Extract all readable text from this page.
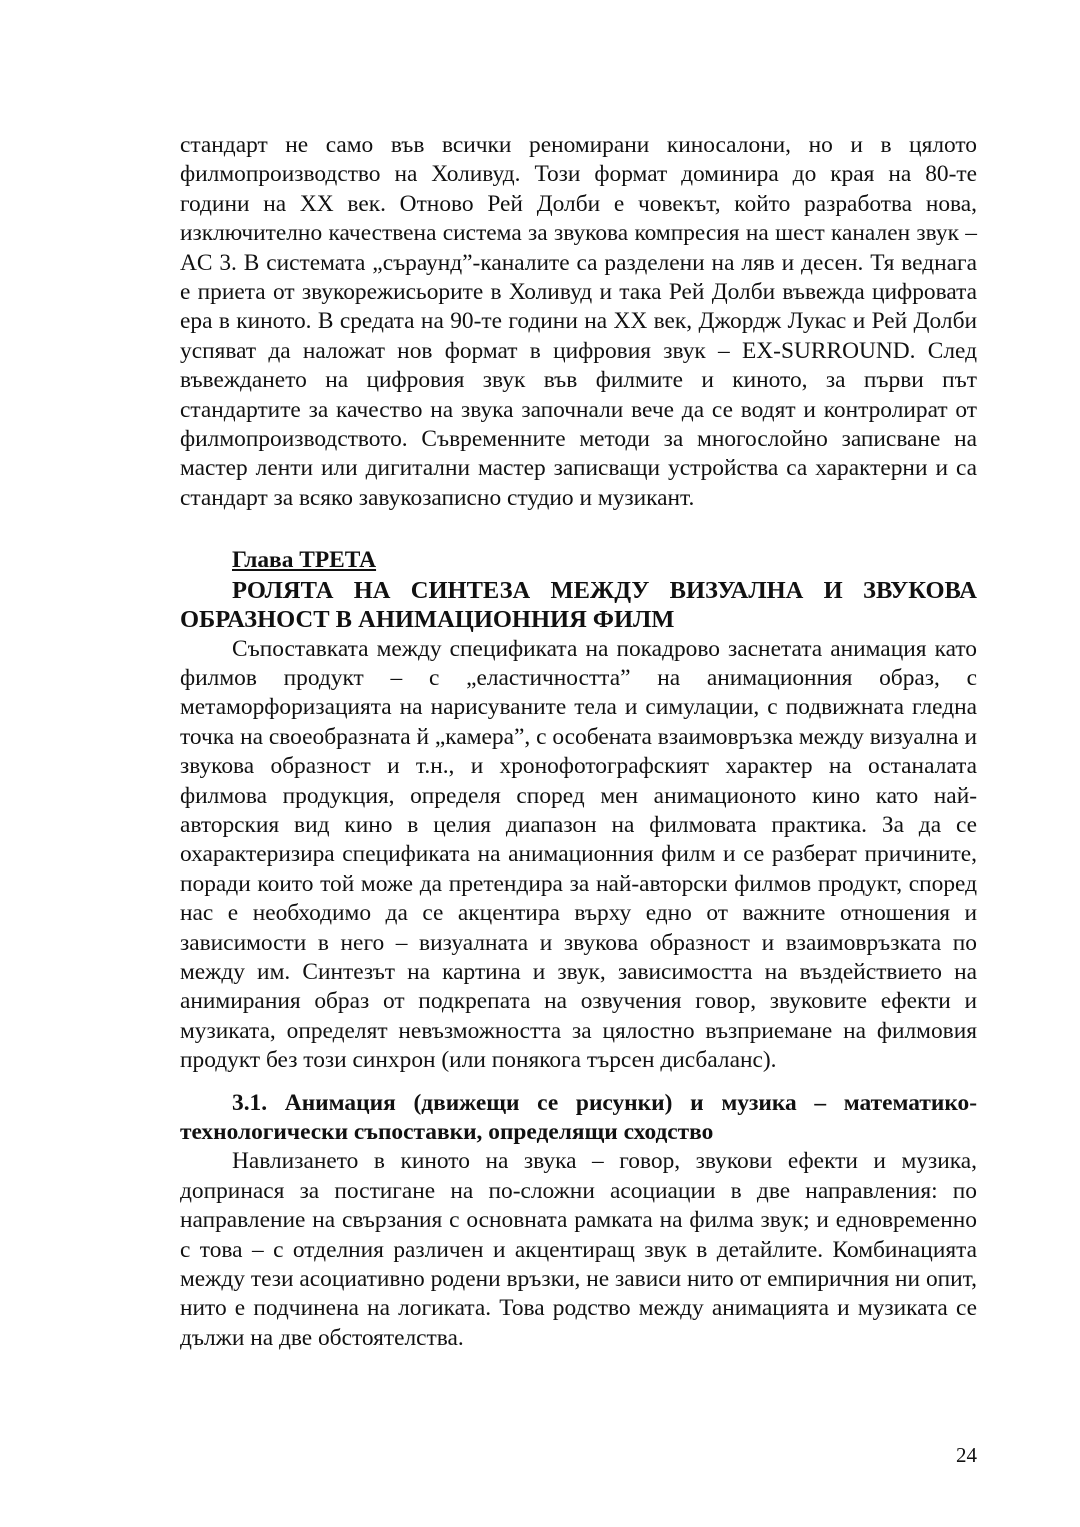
стандарт не само във всички реномирани киносалони, но и в цялото филмопроизводство на Холивуд. Този формат доминира до края на 80-те години на XX век. Отново Рей Долби е човекът, който разработва нова, изключително качествена система за звукова компресия на шест канален звук – AC 3. В системата „съраунд”-каналите са разделени на ляв и десен. Тя веднага е приета от звукорежисьорите в Холивуд и така Рей Долби въвежда цифровата ера в киното. В средата на 90-те години на XX век, Джордж Лукас и Рей Долби успяват да наложат нов формат в цифровия звук – EX-SURROUND. След въвеждането на цифровия звук във филмите и киното, за първи път стандартите за качество на звука започнали вече да се водят и контролират от филмопроизводството. Съвременните методи за многослойно записване на мастер ленти или дигитални мастер записващи устройства са характерни и са стандарт за всяко завукозаписно студио и музикант.

Глава ТРЕТА

РОЛЯТА НА СИНТЕЗА МЕЖДУ ВИЗУАЛНА И ЗВУКОВА ОБРАЗНОСТ В АНИМАЦИОННИЯ ФИЛМ

Съпоставката между спецификата на покадрово заснетата анимация като филмов продукт – с „еластичността” на анимационния образ, с метаморфоризацията на нарисуваните тела и симулации, с подвижната гледна точка на своеобразната й „камера”, с особената взаимовръзка между визуална и звукова образност и т.н., и хронофотографският характер на останалата филмова продукция, определя според мен анимационото кино като най-авторския вид кино в целия диапазон на филмовата практика. За да се охарактеризира спецификата на анимационния филм и се разберат причините, поради които той може да претендира за най-авторски филмов продукт, според нас е необходимо да се акцентира върху едно от важните отношения и зависимости в него – визуалната и звукова образност и взаимовръзката по между им. Синтезът на картина и звук, зависимостта на въздействието на анимирания образ от подкрепата на озвучения говор, звуковите ефекти и музиката, определят невъзможността за цялостно възприемане на филмовия продукт без този синхрон (или понякога търсен дисбаланс).

3.1. Анимация (движещи се рисунки) и музика – математико-технологически съпоставки, определящи сходство

Навлизането в киното на звука – говор, звукови ефекти и музика, допринася за постигане на по-сложни асоциации в две направления: по направление на свързания с основната рамката на филма звук; и едновременно с това – с отделния различен и акцентиращ звук в детайлите. Комбинацията между тези асоциативно родени връзки, не зависи нито от емпиричния ни опит, нито е подчинена на логиката. Това родство между анимацията и музиката се дължи на две обстоятелства.

24
